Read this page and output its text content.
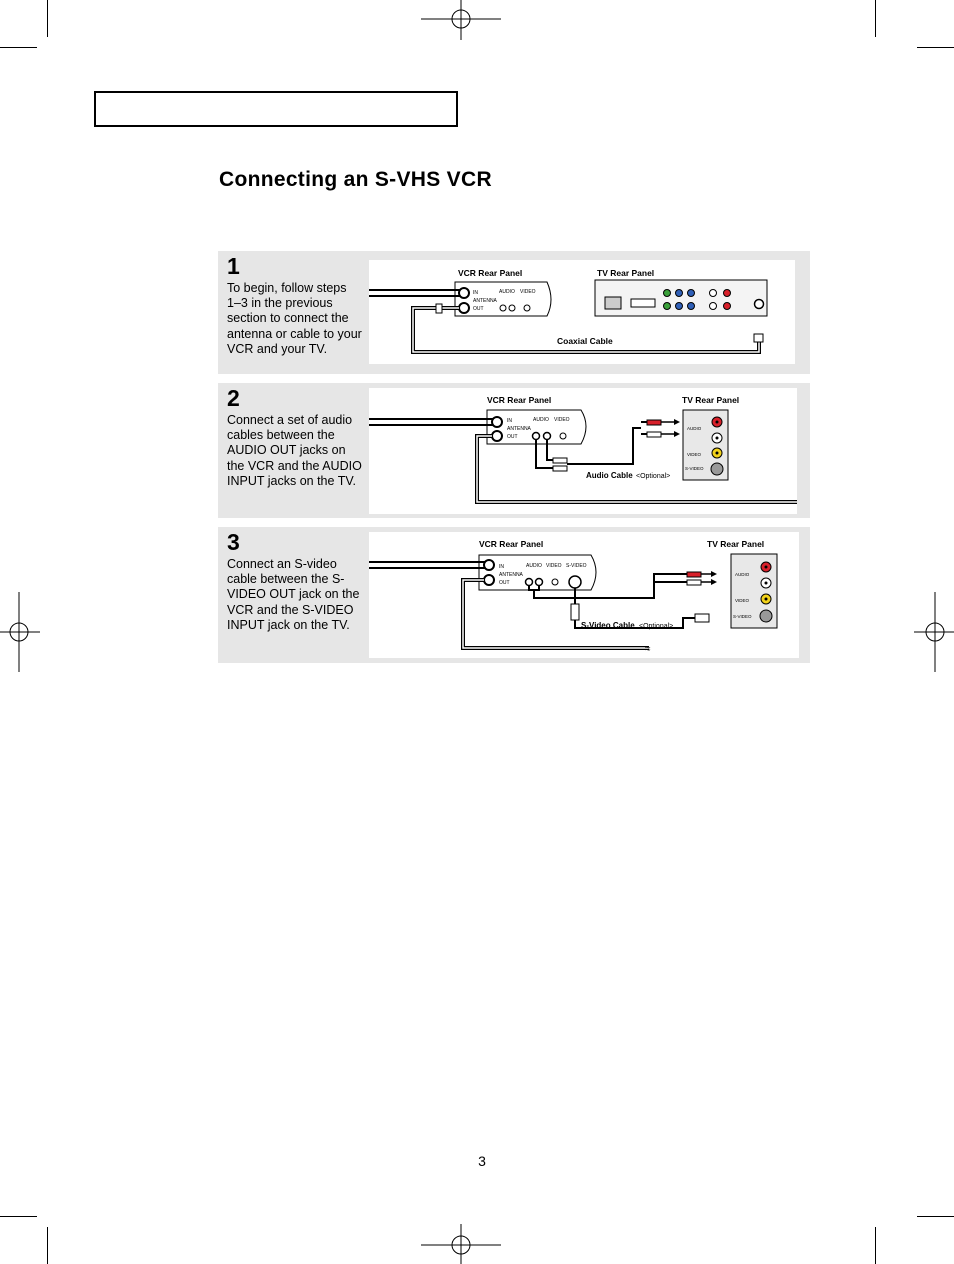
Connecting an S-VHS VCR
1
To begin, follow steps 1–3 in the previous section to connect the antenna or cable to your VCR and your TV.
VCR Rear Panel	TV Rear Panel
IN
ANTENNA
OUT
AUDIO VIDEO
Coaxial Cable
2
Connect a set of audio cables between the AUDIO OUT jacks on the VCR and the AUDIO INPUT jacks on the TV.
VCR Rear Panel	TV Rear Panel
IN
ANTENNA
OUT
AUDIO VIDEO
AUDIO
VIDEO
S-VIDEO
Audio Cable <Optional>
3
Connect an S-video cable between the S-VIDEO OUT jack on the VCR and the S-VIDEO INPUT jack on the TV.
VCR Rear Panel	TV Rear Panel
IN
ANTENNA
OUT
AUDIO VIDEO S-VIDEO
≈
S-Video Cable <Optional>
AUDIO
VIDEO
S-VIDEO
3
